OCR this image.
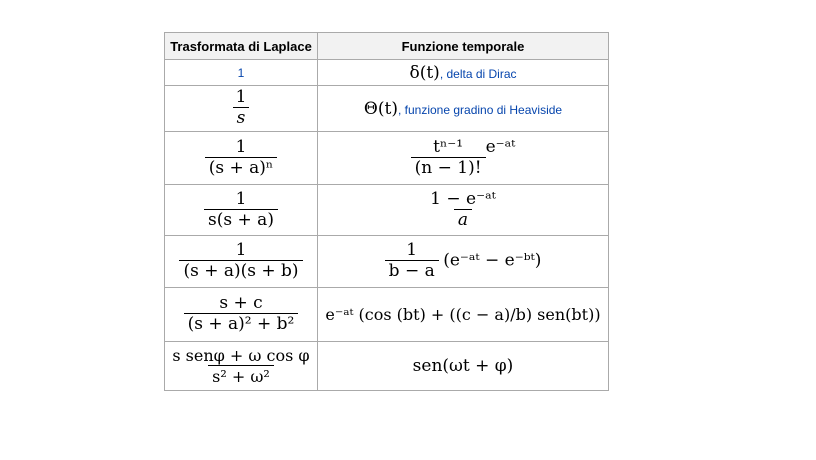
Trasformata di Laplace	Funzione temporale
1	δ(t), delta di Dirac

$\frac{1}{s}$	Θ(t), funzione gradino di Heaviside

$\frac{1}{\text{(s + a)ⁿ}}$	$\frac{\text{tⁿ⁻¹}}{(n - 1)!}$ e⁻ᵃᵗ

$\frac{1}{s(s + a)}$	$\frac{\text{1 − e⁻ᵃᵗ}}{a}$

$\frac{1}{(s + a)(s + b)}$	$\frac{1}{b - a}$ (e⁻ᵃᵗ − e⁻ᵇᵗ)

$\frac{s + c}{\text{(s + a)² + b²}}$	e⁻ᵃᵗ (cos (bt) + ((c − a)/b) sen(bt))

$\frac{\text{s senφ + ω cos φ}}{\text{s² + ω²}}$	sen(ωt + φ)
